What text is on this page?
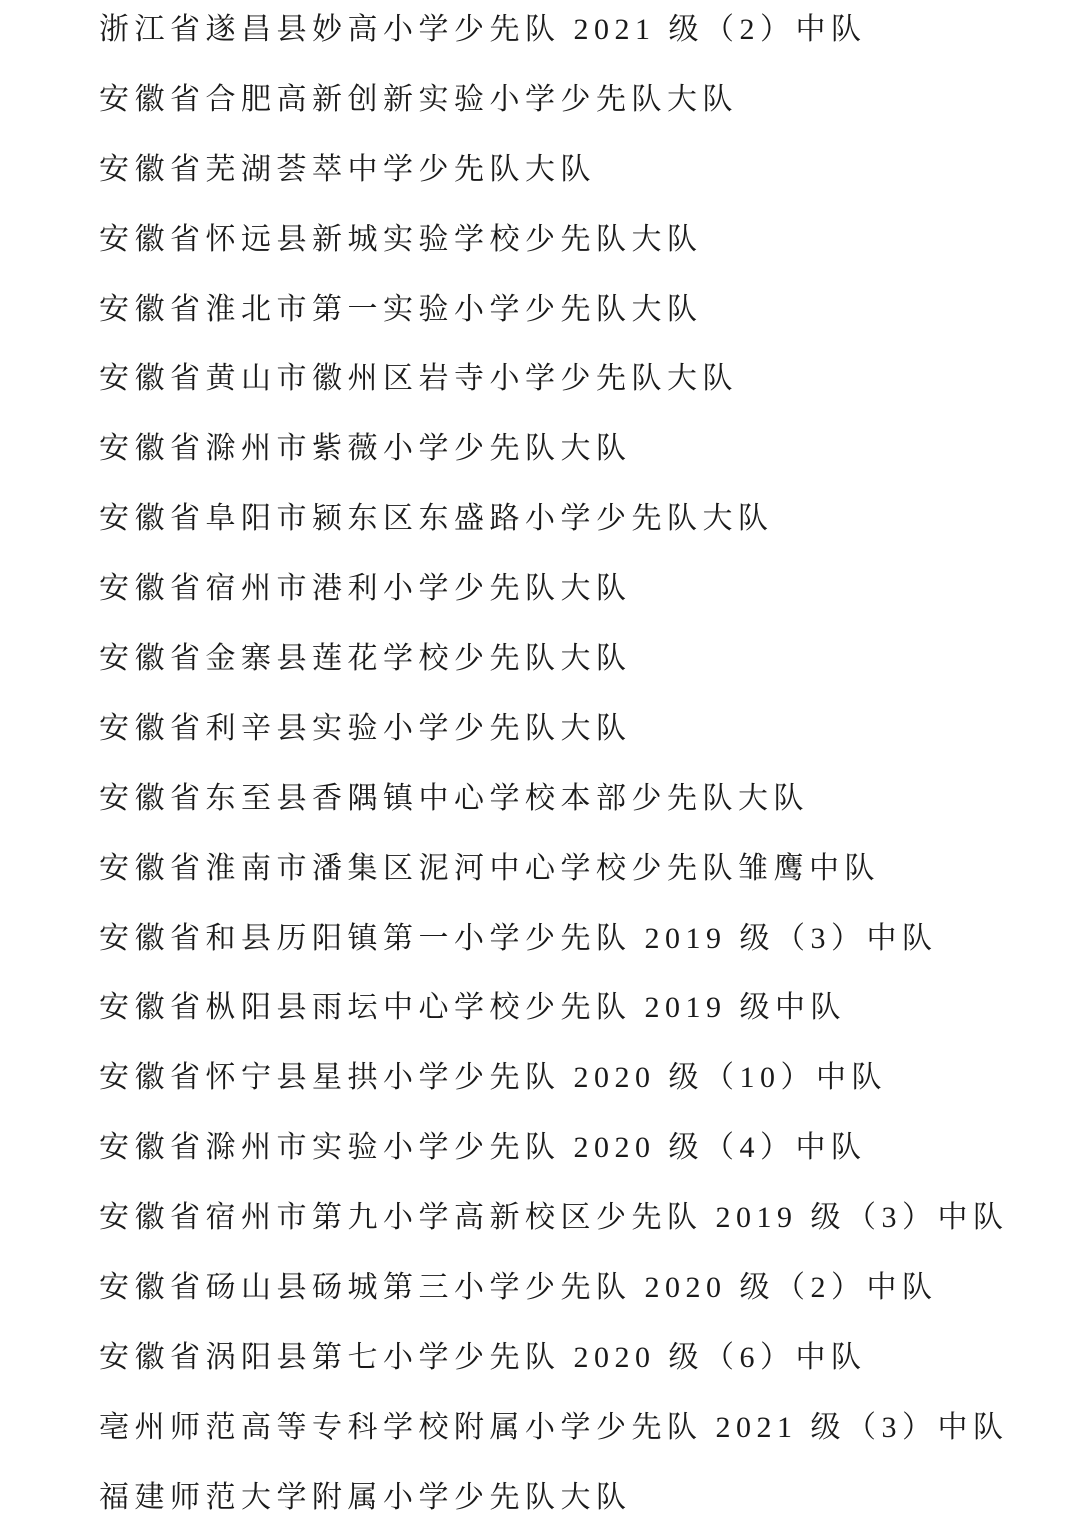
浙江省遂昌县妙高小学少先队 2021 级（2）中队
安徽省合肥高新创新实验小学少先队大队
安徽省芜湖荟萃中学少先队大队
安徽省怀远县新城实验学校少先队大队
安徽省淮北市第一实验小学少先队大队
安徽省黄山市徽州区岩寺小学少先队大队
安徽省滁州市紫薇小学少先队大队
安徽省阜阳市颍东区东盛路小学少先队大队
安徽省宿州市港利小学少先队大队
安徽省金寨县莲花学校少先队大队
安徽省利辛县实验小学少先队大队
安徽省东至县香隅镇中心学校本部少先队大队
安徽省淮南市潘集区泥河中心学校少先队雏鹰中队
安徽省和县历阳镇第一小学少先队 2019 级（3）中队
安徽省枞阳县雨坛中心学校少先队 2019 级中队
安徽省怀宁县星拱小学少先队 2020 级（10）中队
安徽省滁州市实验小学少先队 2020 级（4）中队
安徽省宿州市第九小学高新校区少先队 2019 级（3）中队
安徽省砀山县砀城第三小学少先队 2020 级（2）中队
安徽省涡阳县第七小学少先队 2020 级（6）中队
亳州师范高等专科学校附属小学少先队 2021 级（3）中队
福建师范大学附属小学少先队大队
